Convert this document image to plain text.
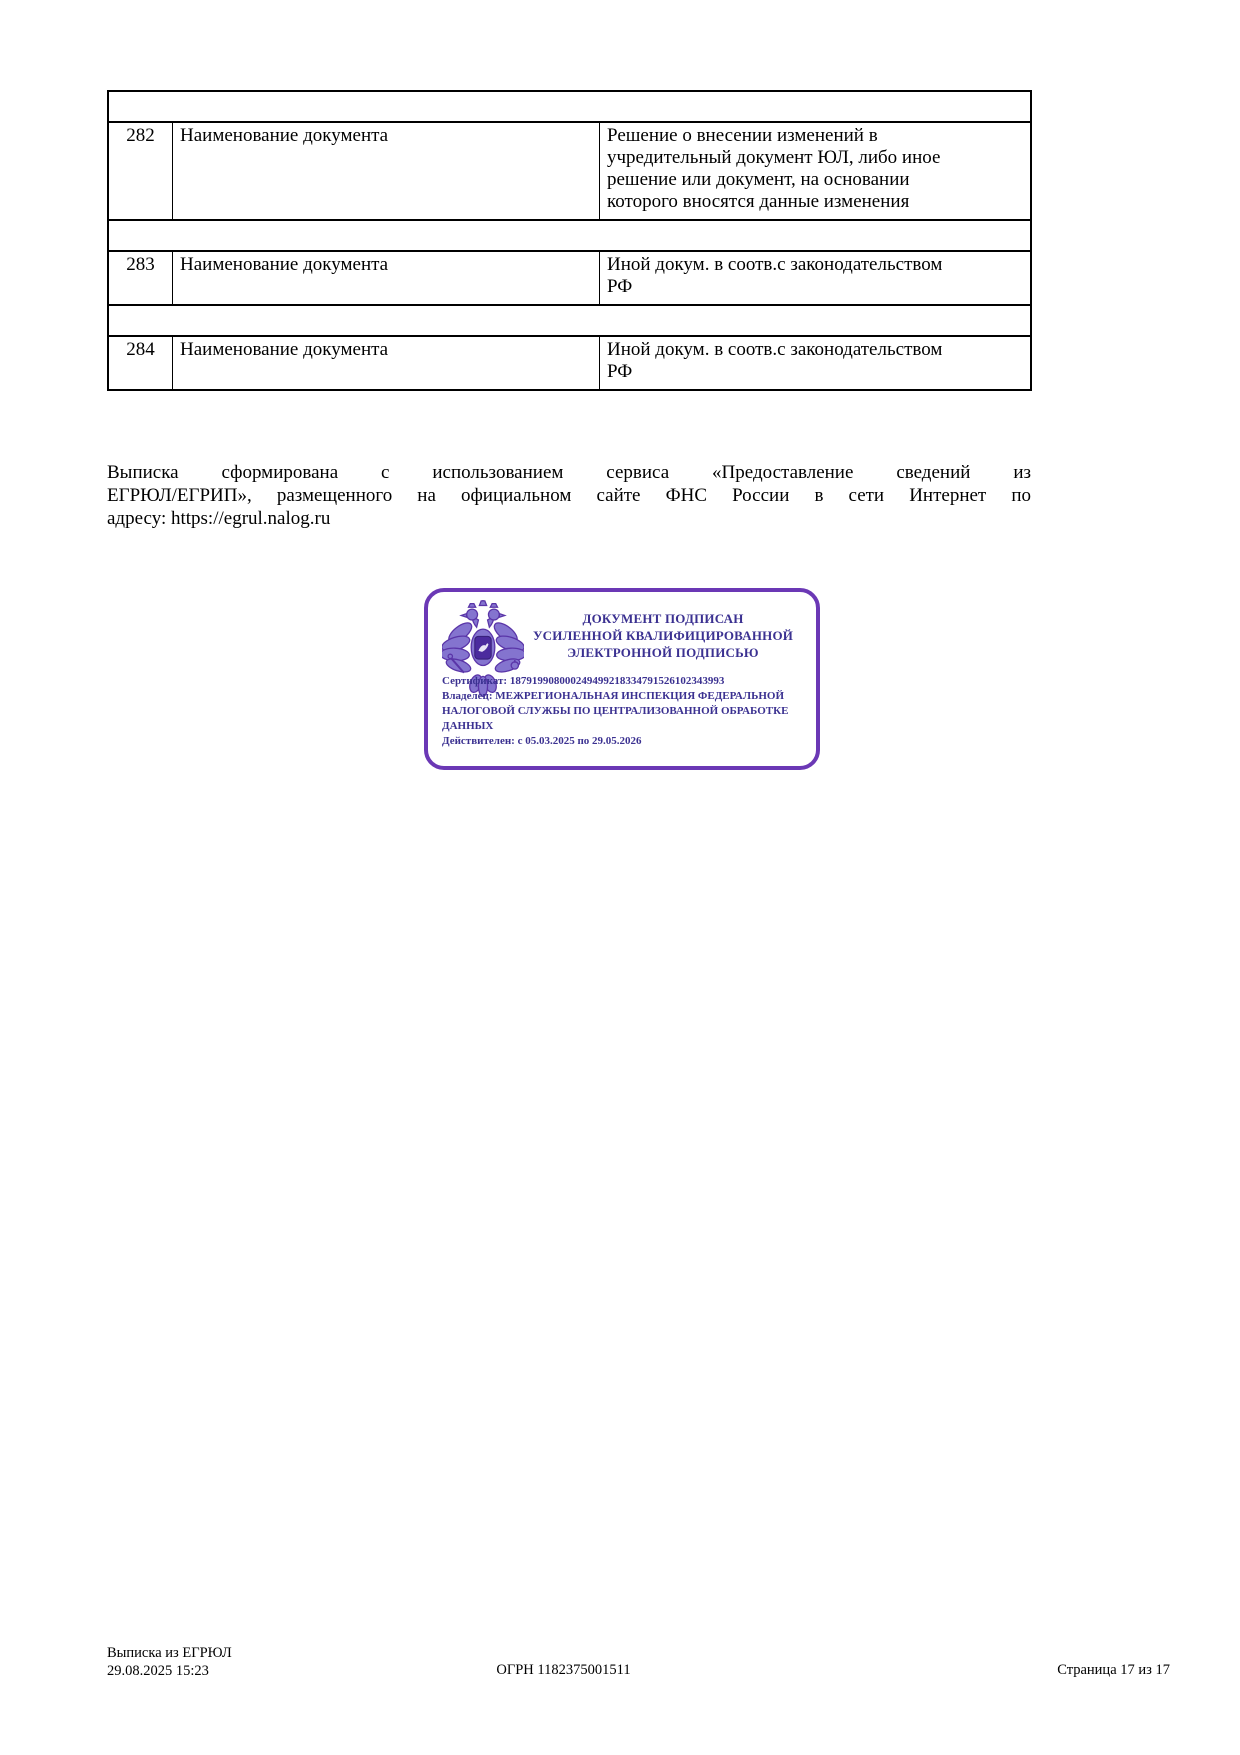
282	Наименование документа	Решение о внесении изменений в
учредительный документ ЮЛ, либо иное
решение или документ, на основании
которого вносятся данные изменения
283	Наименование документа	Иной докум. в соотв.с законодательством
РФ
284	Наименование документа	Иной докум. в соотв.с законодательством
РФ
Выписка сформирована с использованием сервиса «Предоставление сведений из
ЕГРЮЛ/ЕГРИП», размещенного на официальном сайте ФНС России в сети Интернет по
адресу: https://egrul.nalog.ru
ДОКУМЕНТ ПОДПИСАН
УСИЛЕННОЙ КВАЛИФИЦИРОВАННОЙ
ЭЛЕКТРОННОЙ ПОДПИСЬЮ

Сертификат: 187919908000249499218334791526102343993

Владелец: МЕЖРЕГИОНАЛЬНАЯ ИНСПЕКЦИЯ ФЕДЕРАЛЬНОЙ НАЛОГОВОЙ СЛУЖБЫ ПО ЦЕНТРАЛИЗОВАННОЙ ОБРАБОТКЕ ДАННЫХ

Действителен: с 05.03.2025 по 29.05.2026

Выписка из ЕГРЮЛ
29.08.2025 15:23	ОГРН 1182375001511	Страница 17 из 17
